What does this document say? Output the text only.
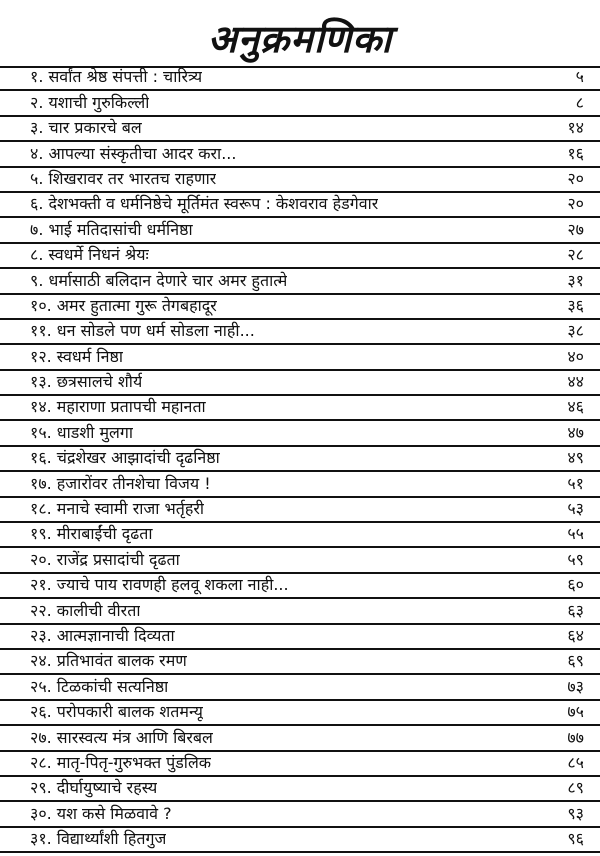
अनुक्रमणिका
१. सर्वांत श्रेष्ठ संपत्ती : चारित्र्य	५
२. यशाची गुरुकिल्ली	८
३. चार प्रकारचे बल	१४
४. आपल्या संस्कृतीचा आदर करा...	१६
५. शिखरावर तर भारतच राहणार	२०
६. देशभक्ती व धर्मनिष्ठेचे मूर्तिमंत स्वरूप : केशवराव हेडगेवार	२०
७. भाई मतिदासांची धर्मनिष्ठा	२७
८. स्वधर्मे निधनं श्रेयः	२८
९. धर्मासाठी बलिदान देणारे चार अमर हुतात्मे	३१
१०. अमर हुतात्मा गुरू तेगबहादूर	३६
११. धन सोडले पण धर्म सोडला नाही...	३८
१२. स्वधर्म निष्ठा	४०
१३. छत्रसालचे शौर्य	४४
१४. महाराणा प्रतापची महानता	४६
१५. धाडशी मुलगा	४७
१६. चंद्रशेखर आझादांची दृढनिष्ठा	४९
१७. हजारोंवर तीनशेचा विजय !	५१
१८. मनाचे स्वामी राजा भर्तृहरी	५३
१९. मीराबाईंची दृढता	५५
२०. राजेंद्र प्रसादांची दृढता	५९
२१. ज्याचे पाय रावणही हलवू शकला नाही...	६०
२२. कालीची वीरता	६३
२३. आत्मज्ञानाची दिव्यता	६४
२४. प्रतिभावंत बालक रमण	६९
२५. टिळकांची सत्यनिष्ठा	७३
२६. परोपकारी बालक शतमन्यू	७५
२७. सारस्वत्य मंत्र आणि बिरबल	७७
२८. मातृ-पितृ-गुरुभक्त पुंडलिक	८५
२९. दीर्घायुष्याचे रहस्य	८९
३०. यश कसे मिळवावे ?	९३
३१. विद्यार्थ्यांशी हितगुज	९६
